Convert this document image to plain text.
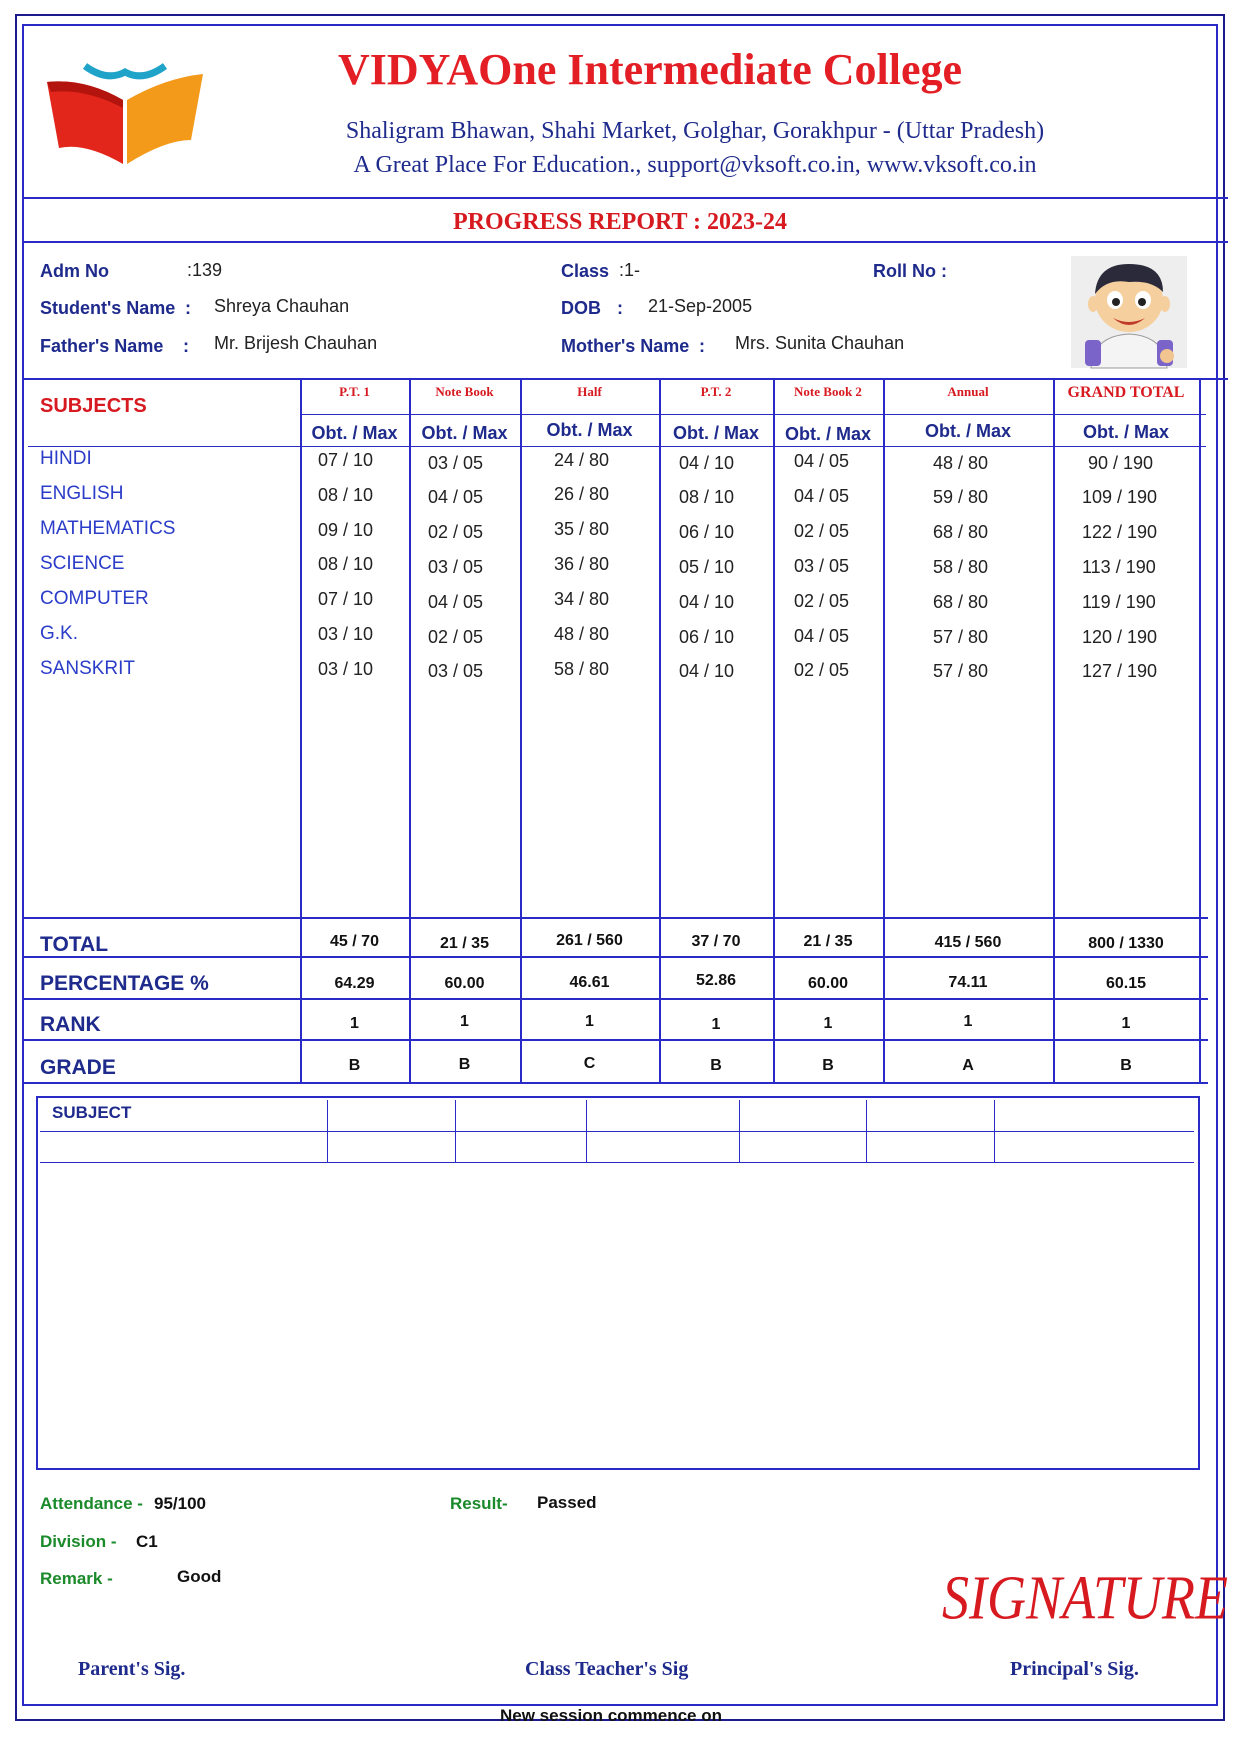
VIDYAOne Intermediate College
Shaligram Bhawan, Shahi Market, Golghar, Gorakhpur - (Uttar Pradesh)
A Great Place For Education., support@vksoft.co.in, www.vksoft.co.in
PROGRESS REPORT : 2023-24
Adm No	:139	Class :1-	Roll No :
Student's Name : Shreya Chauhan	DOB : 21-Sep-2005
Father's Name : Mr. Brijesh Chauhan	Mother's Name : Mrs. Sunita Chauhan
SUBJECTS
P.T. 1	Note Book	Half	P.T. 2	Note Book 2	Annual	GRAND TOTAL
Obt. / Max	Obt. / Max	Obt. / Max	Obt. / Max	Obt. / Max	Obt. / Max	Obt. / Max
HINDI	07 / 10	03 / 05	24 / 80	04 / 10	04 / 05	48 / 80	90 / 190
ENGLISH	08 / 10	04 / 05	26 / 80	08 / 10	04 / 05	59 / 80	109 / 190
MATHEMATICS	09 / 10	02 / 05	35 / 80	06 / 10	02 / 05	68 / 80	122 / 190
SCIENCE	08 / 10	03 / 05	36 / 80	05 / 10	03 / 05	58 / 80	113 / 190
COMPUTER	07 / 10	04 / 05	34 / 80	04 / 10	02 / 05	68 / 80	119 / 190
G.K.	03 / 10	02 / 05	48 / 80	06 / 10	04 / 05	57 / 80	120 / 190
SANSKRIT	03 / 10	03 / 05	58 / 80	04 / 10	02 / 05	57 / 80	127 / 190
TOTAL	45 / 70	21 / 35	261 / 560	37 / 70	21 / 35	415 / 560	800 / 1330
PERCENTAGE %	64.29	60.00	46.61	52.86	60.00	74.11	60.15
RANK	1	1	1	1	1	1	1
GRADE	B	B	C	B	B	A	B
SUBJECT
Attendance - 95/100	Result- Passed
Division - C1
Remark -	Good	SIGNATURE
Parent's Sig.	Class Teacher's Sig	Principal's Sig.
New session commence on
